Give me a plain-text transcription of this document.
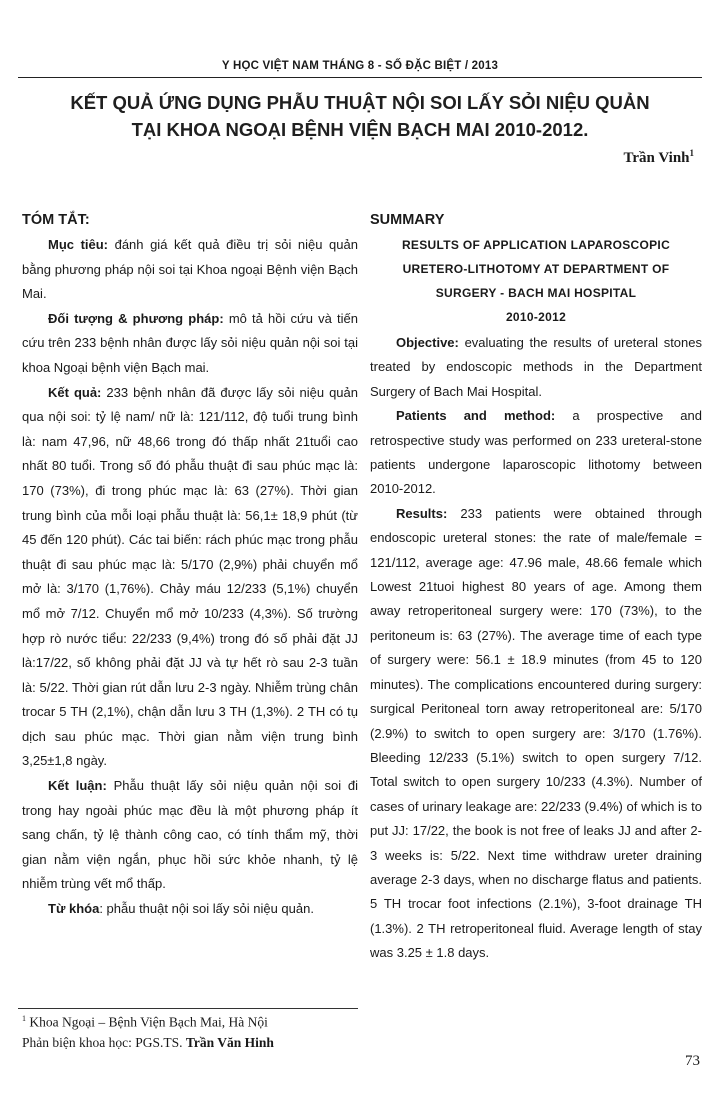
Y HỌC VIỆT NAM THÁNG 8 - SỐ ĐẶC BIỆT / 2013
KẾT QUẢ ỨNG DỤNG PHẪU THUẬT NỘI SOI LẤY SỎI NIỆU QUẢN
TẠI KHOA NGOẠI BỆNH VIỆN BẠCH MAI 2010-2012.
Trần Vinh$^1$
TÓM TẮT:

Mục tiêu: đánh giá kết quả điều trị sỏi niệu quản bằng phương pháp nội soi tại Khoa ngoại Bệnh viện Bạch Mai.

Đối tượng & phương pháp: mô tả hồi cứu và tiến cứu trên 233 bệnh nhân được lấy sỏi niệu quản nội soi tại khoa Ngoại bệnh viện Bạch mai.

Kết quả: 233 bệnh nhân đã được lấy sỏi niệu quản qua nội soi: tỷ lệ nam/ nữ là: 121/112, độ tuổi trung bình là: nam 47,96, nữ 48,66 trong đó thấp nhất 21tuổi cao nhất 80 tuổi. Trong số đó phẫu thuật đi sau phúc mạc là: 170 (73%), đi trong phúc mạc là: 63 (27%). Thời gian trung bình của mỗi loại phẫu thuật là: 56,1± 18,9 phút (từ 45 đến 120 phút). Các tai biến: rách phúc mạc trong phẫu thuật đi sau phúc mạc là: 5/170 (2,9%) phải chuyển mổ mở là: 3/170 (1,76%). Chảy máu 12/233 (5,1%) chuyển mổ mở 7/12. Chuyển mổ mở 10/233 (4,3%). Số trường hợp rò nước tiểu: 22/233 (9,4%) trong đó số phải đặt JJ là:17/22, số không phải đặt JJ và tự hết rò sau 2-3 tuần là: 5/22. Thời gian rút dẫn lưu 2-3 ngày. Nhiễm trùng chân trocar 5 TH (2,1%), chận dẫn lưu 3 TH (1,3%). 2 TH có tụ dịch sau phúc mạc. Thời gian nằm viện trung bình 3,25±1,8 ngày.

Kết luận: Phẫu thuật lấy sỏi niệu quản nội soi đi trong hay ngoài phúc mạc đều là một phương pháp ít sang chấn, tỷ lệ thành công cao, có tính thẩm mỹ, thời gian nằm viện ngắn, phục hồi sức khỏe nhanh, tỷ lệ nhiễm trùng vết mổ thấp.

Từ khóa: phẫu thuật nội soi lấy sỏi niệu quản.

SUMMARY
RESULTS OF APPLICATION LAPAROSCOPIC
URETERO-LITHOTOMY AT DEPARTMENT OF
SURGERY - BACH MAI HOSPITAL
2010-2012

Objective: evaluating the results of ureteral stones treated by endoscopic methods in the Department Surgery of Bach Mai Hospital.

Patients and method: a prospective and retrospective study was performed on 233 ureteral-stone patients undergone laparoscopic lithotomy between 2010-2012.

Results: 233 patients were obtained through endoscopic ureteral stones: the rate of male/female = 121/112, average age: 47.96 male, 48.66 female which Lowest 21tuoi highest 80 years of age. Among them away retroperitoneal surgery were: 170 (73%), to the peritoneum is: 63 (27%). The average time of each type of surgery were: 56.1 ± 18.9 minutes (from 45 to 120 minutes). The complications encountered during surgery: surgical Peritoneal torn away retroperitoneal are: 5/170 (2.9%) to switch to open surgery are: 3/170 (1.76%). Bleeding 12/233 (5.1%) switch to open surgery 7/12. Total switch to open surgery 10/233 (4.3%). Number of cases of urinary leakage are: 22/233 (9.4%) of which is to put JJ: 17/22, the book is not free of leaks JJ and after 2-3 weeks is: 5/22. Next time withdraw ureter draining average 2-3 days, when no discharge flatus and patients. 5 TH trocar foot infections (2.1%), 3-foot drainage TH (1.3%). 2 TH retroperitoneal fluid. Average length of stay was 3.25 ± 1.8 days.

$^1$ Khoa Ngoại – Bệnh Viện Bạch Mai, Hà Nội
Phản biện khoa học: PGS.TS. Trần Văn Hinh
73
